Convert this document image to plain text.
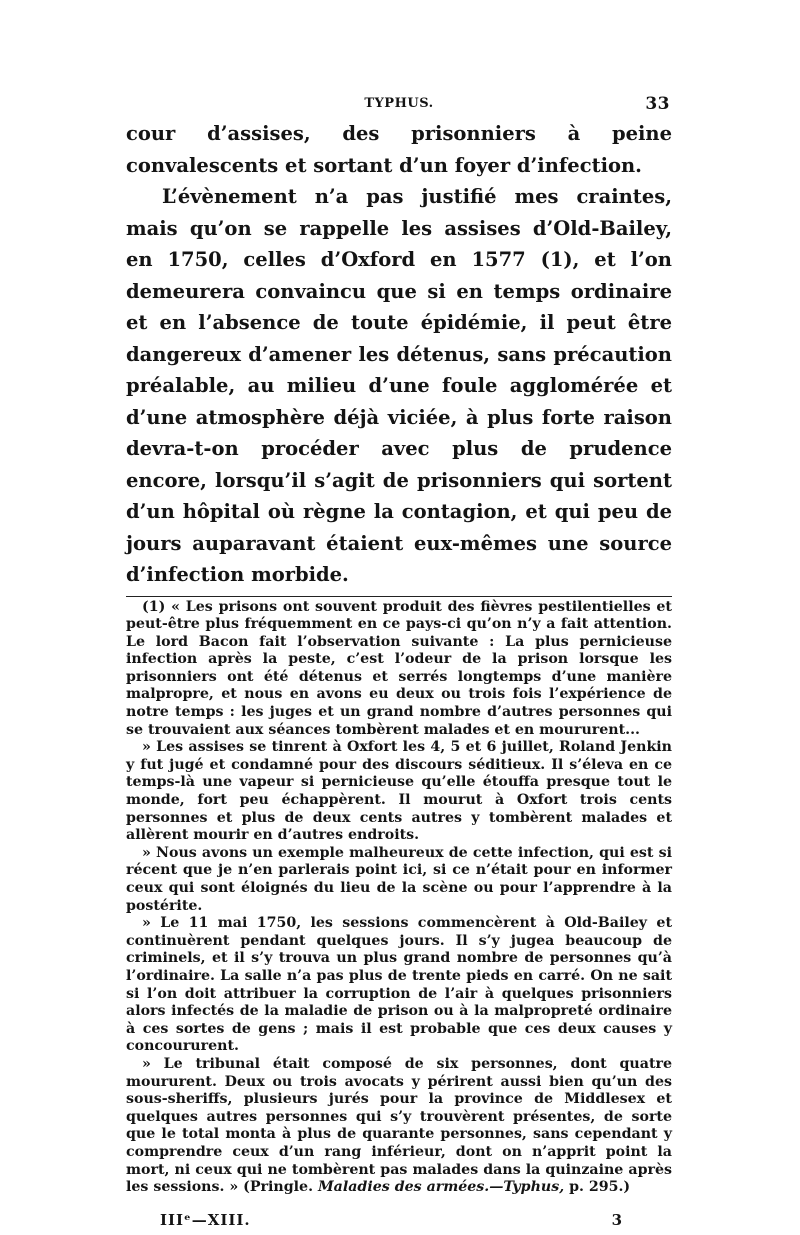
TYPHUS.	33

cour d’assises, des prisonniers à peine convalescents et sortant d’un foyer d’infection.

L’évènement n’a pas justifié mes craintes, mais qu’on se rappelle les assises d’Old-Bailey, en 1750, celles d’Oxford en 1577 (1), et l’on demeurera convaincu que si en temps ordinaire et en l’absence de toute épidémie, il peut être dangereux d’amener les détenus, sans précaution préalable, au milieu d’une foule agglomérée et d’une atmosphère déjà viciée, à plus forte raison devra-t-on procéder avec plus de prudence encore, lorsqu’il s’agit de prisonniers qui sortent d’un hôpital où règne la contagion, et qui peu de jours auparavant étaient eux-mêmes une source d’infection morbide.

(1) « Les prisons ont souvent produit des fièvres pestilentielles et peut-être plus fréquemment en ce pays-ci qu’on n’y a fait attention. Le lord Bacon fait l’observation suivante : La plus pernicieuse infection après la peste, c’est l’odeur de la prison lorsque les prisonniers ont été détenus et serrés longtemps d’une manière malpropre, et nous en avons eu deux ou trois fois l’expérience de notre temps : les juges et un grand nombre d’autres personnes qui se trouvaient aux séances tombèrent malades et en moururent...

» Les assises se tinrent à Oxfort les 4, 5 et 6 juillet, Roland Jenkin y fut jugé et condamné pour des discours séditieux. Il s’éleva en ce temps-là une vapeur si pernicieuse qu’elle étouffa presque tout le monde, fort peu échappèrent. Il mourut à Oxfort trois cents personnes et plus de deux cents autres y tombèrent malades et allèrent mourir en d’autres endroits.

» Nous avons un exemple malheureux de cette infection, qui est si récent que je n’en parlerais point ici, si ce n’était pour en informer ceux qui sont éloignés du lieu de la scène ou pour l’apprendre à la postérite.

» Le 11 mai 1750, les sessions commencèrent à Old-Bailey et continuèrent pendant quelques jours. Il s’y jugea beaucoup de criminels, et il s’y trouva un plus grand nombre de personnes qu’à l’ordinaire. La salle n’a pas plus de trente pieds en carré. On ne sait si l’on doit attribuer la corruption de l’air à quelques prisonniers alors infectés de la maladie de prison ou à la malpropreté ordinaire à ces sortes de gens ; mais il est probable que ces deux causes y concoururent.

» Le tribunal était composé de six personnes, dont quatre moururent. Deux ou trois avocats y périrent aussi bien qu’un des sous-sheriffs, plusieurs jurés pour la province de Middlesex et quelques autres personnes qui s’y trouvèrent présentes, de sorte que le total monta à plus de quarante personnes, sans cependant y comprendre ceux d’un rang inférieur, dont on n’apprit point la mort, ni ceux qui ne tombèrent pas malades dans la quinzaine après les sessions. » (Pringle. Maladies des armées.—Typhus, p. 295.)

IIIᵉ—XIII.	3
